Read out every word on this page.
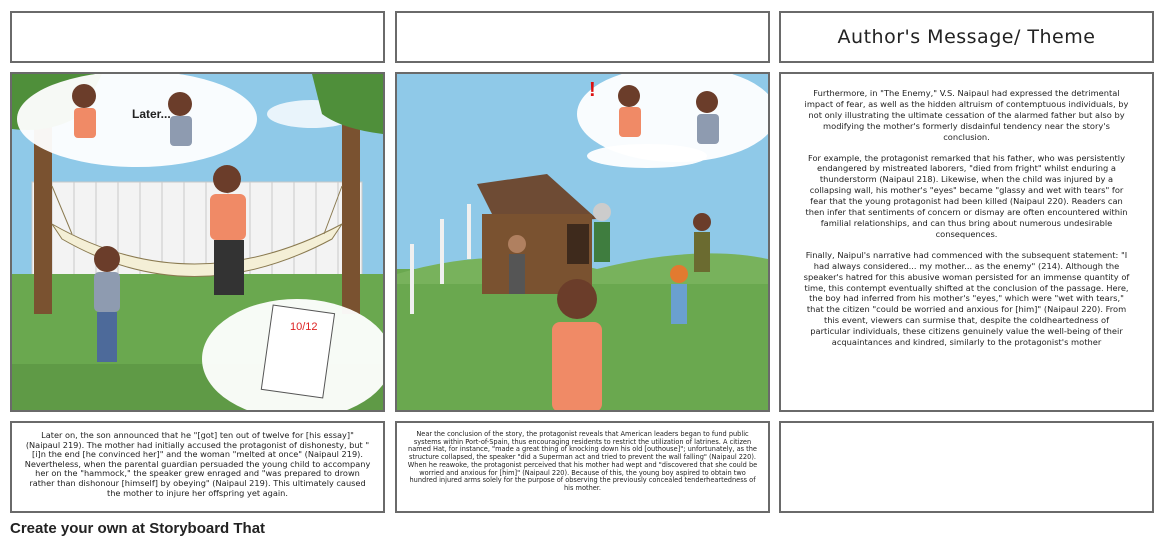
Author's Message/ Theme
10/12
Later...
!	Furthermore, in "The Enemy," V.S. Naipaul had expressed the detrimental impact of fear, as well as the hidden altruism of contemptuous individuals, by not only illustrating the ultimate cessation of the alarmed father but also by modifying the mother's formerly disdainful tendency near the story's conclusion.

For example, the protagonist remarked that his father, who was persistently endangered by mistreated laborers, "died from fright" whilst enduring a thunderstorm (Naipaul 218). Likewise, when the child was injured by a collapsing wall, his mother's "eyes" became "glassy and wet with tears" for fear that the young protagonist had been killed (Naipaul 220). Readers can then infer that sentiments of concern or dismay are often encountered within familial relationships, and can thus bring about numerous undesirable consequences.

Finally, Naipul's narrative had commenced with the subsequent statement: "I had always considered... my mother... as the enemy" (214). Although the speaker's hatred for this abusive woman persisted for an immense quantity of time, this contempt eventually shifted at the conclusion of the passage. Here, the boy had inferred from his mother's "eyes," which were "wet with tears," that the citizen "could be worried and anxious for [him]" (Naipaul 220). From this event, viewers can surmise that, despite the coldheartedness of particular individuals, these citizens genuinely value the well-being of their acquaintances and kindred, similarly to the protagonist's mother

Later on, the son announced that he "[got] ten out of twelve for [his essay]" (Naipaul 219). The mother had initially accused the protagonist of dishonesty, but "[i]n the end [he convinced her]" and the woman "melted at once" (Naipaul 219). Nevertheless, when the parental guardian persuaded the young child to accompany her on the "hammock," the speaker grew enraged and "was prepared to drown rather than dishonour [himself] by obeying" (Naipaul 219). This ultimately caused the mother to injure her offspring yet again.
Near the conclusion of the story, the protagonist reveals that American leaders began to fund public systems within Port-of-Spain, thus encouraging residents to restrict the utilization of latrines. A citizen named Hat, for instance, "made a great thing of knocking down his old [outhouse]"; unfortunately, as the structure collapsed, the speaker "did a Superman act and tried to prevent the wall falling" (Naipaul 220). When he reawoke, the protagonist perceived that his mother had wept and "discovered that she could be worried and anxious for [him]" (Naipaul 220). Because of this, the young boy aspired to obtain two hundred injured arms solely for the purpose of observing the previously concealed tenderheartedness of his mother.
Create your own at Storyboard That
